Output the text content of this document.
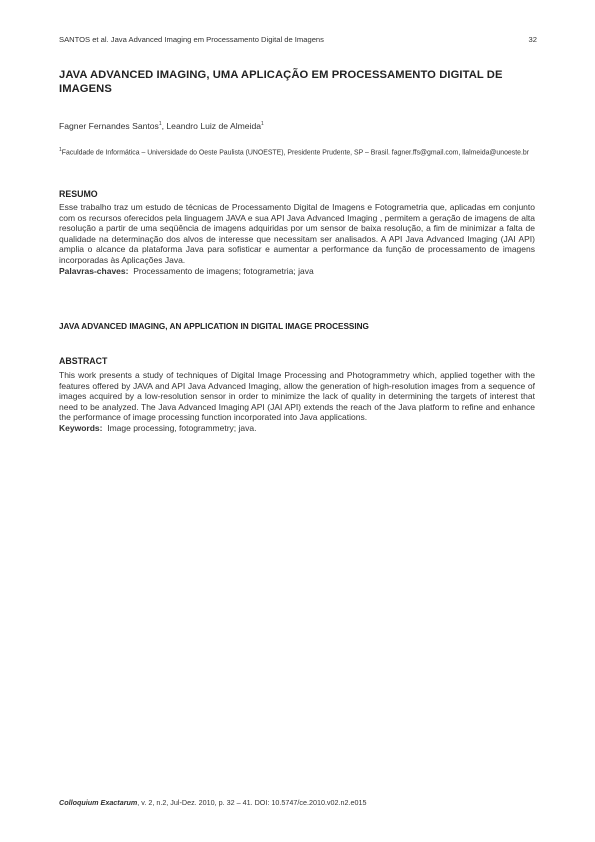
SANTOS et al. Java Advanced Imaging em Processamento Digital de Imagens	32
JAVA ADVANCED IMAGING, UMA APLICAÇÃO EM PROCESSAMENTO DIGITAL DE IMAGENS
Fagner Fernandes Santos$^1$, Leandro Luiz de Almeida$^1$
$^1$Faculdade de Informática – Universidade do Oeste Paulista (UNOESTE), Presidente Prudente, SP – Brasil. fagner.ffs@gmail.com, llalmeida@unoeste.br
RESUMO
Esse trabalho traz um estudo de técnicas de Processamento Digital de Imagens e Fotogrametria que, aplicadas em conjunto com os recursos oferecidos pela linguagem JAVA e sua API Java Advanced Imaging , permitem a geração de imagens de alta resolução a partir de uma seqüência de imagens adquiridas por um sensor de baixa resolução, a fim de minimizar a falta de qualidade na determinação dos alvos de interesse que necessitam ser analisados. A API Java Advanced Imaging (JAI API) amplia o alcance da plataforma Java para sofisticar e aumentar a performance da função de processamento de imagens incorporadas às Aplicações Java.
Palavras-chaves: Processamento de imagens; fotogrametria; java
JAVA ADVANCED IMAGING, AN APPLICATION IN DIGITAL IMAGE PROCESSING
ABSTRACT
This work presents a study of techniques of Digital Image Processing and Photogrammetry which, applied together with the features offered by JAVA and API Java Advanced Imaging, allow the generation of high-resolution images from a sequence of images acquired by a low-resolution sensor in order to minimize the lack of quality in determining the targets of interest that need to be analyzed. The Java Advanced Imaging API (JAI API) extends the reach of the Java platform to refine and enhance the performance of image processing function incorporated into Java applications.
Keywords: Image processing, fotogrammetry; java.
Colloquium Exactarum, v. 2, n.2, Jul-Dez. 2010, p. 32 – 41. DOI: 10.5747/ce.2010.v02.n2.e015
